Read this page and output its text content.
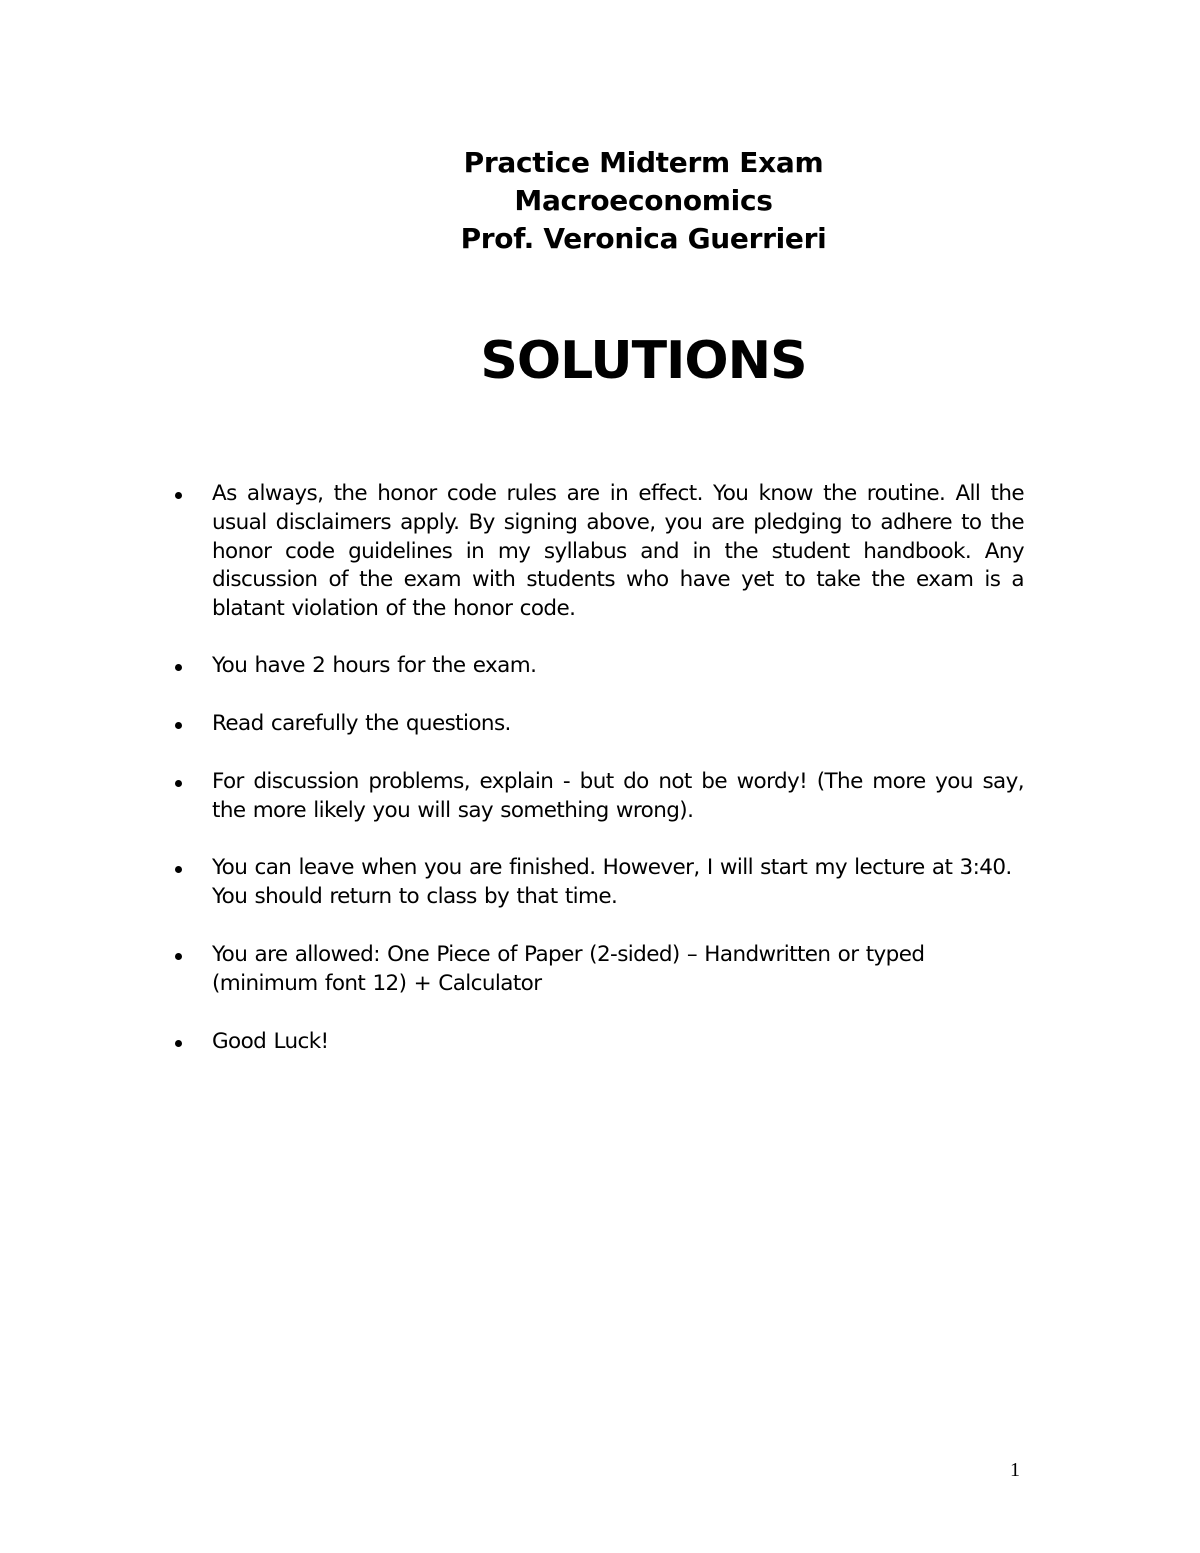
Practice Midterm Exam
Macroeconomics
Prof. Veronica Guerrieri
SOLUTIONS
As always, the honor code rules are in effect. You know the routine. All the usual disclaimers apply. By signing above, you are pledging to adhere to the honor code guidelines in my syllabus and in the student handbook. Any discussion of the exam with students who have yet to take the exam is a blatant violation of the honor code.
You have 2 hours for the exam.
Read carefully the questions.
For discussion problems, explain - but do not be wordy! (The more you say, the more likely you will say something wrong).
You can leave when you are finished. However, I will start my lecture at 3:40. You should return to class by that time.
You are allowed: One Piece of Paper (2-sided) – Handwritten or typed (minimum font 12) + Calculator
Good Luck!
1
